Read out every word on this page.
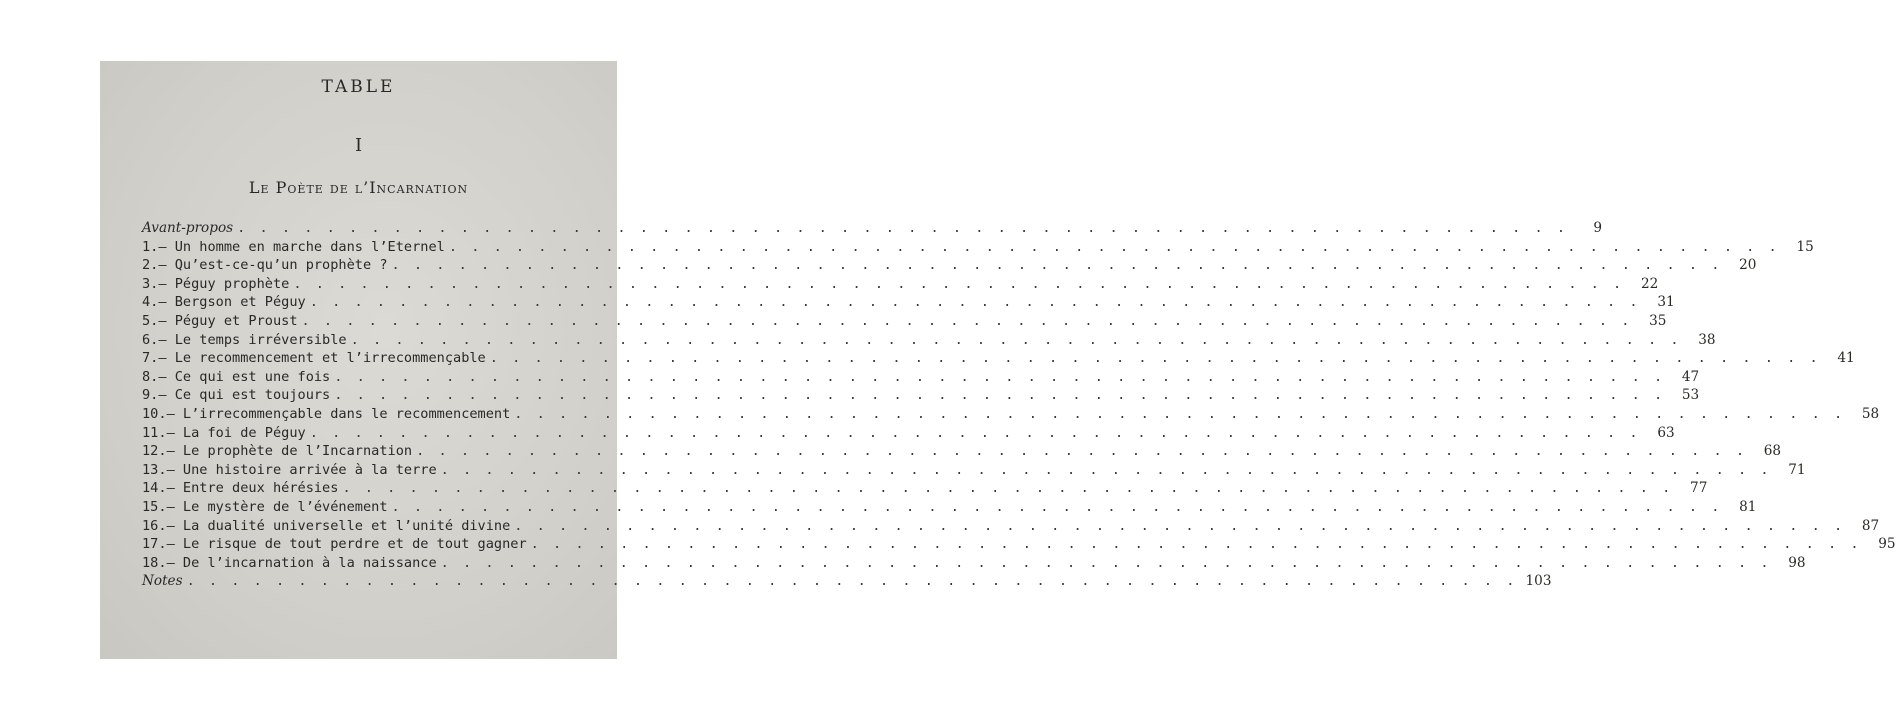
TABLE
I
Le Poète de l’Incarnation
Avant-propos . . . . . . . . . . . . . . . . . . . . . . . . . . . . . . . . . . . . . . . . . . . . . . . . . . . . . . . . . . . .	9
1. — Un homme en marche dans l’Eternel . . . . . . . . . . . . . . . . . . . . . . . . . . . . . . . . . . . . . . . . . . . . . . . . . . . . . . . . . . . .	15
2. — Qu’est-ce-qu’un prophète ? . . . . . . . . . . . . . . . . . . . . . . . . . . . . . . . . . . . . . . . . . . . . . . . . . . . . . . . . . . . .	20
3. — Péguy prophète . . . . . . . . . . . . . . . . . . . . . . . . . . . . . . . . . . . . . . . . . . . . . . . . . . . . . . . . . . . .	22
4. — Bergson et Péguy . . . . . . . . . . . . . . . . . . . . . . . . . . . . . . . . . . . . . . . . . . . . . . . . . . . . . . . . . . . .	31
5. — Péguy et Proust . . . . . . . . . . . . . . . . . . . . . . . . . . . . . . . . . . . . . . . . . . . . . . . . . . . . . . . . . . . .	35
6. — Le temps irréversible . . . . . . . . . . . . . . . . . . . . . . . . . . . . . . . . . . . . . . . . . . . . . . . . . . . . . . . . . . . .	38
7. — Le recommencement et l’irrecommençable . . . . . . . . . . . . . . . . . . . . . . . . . . . . . . . . . . . . . . . . . . . . . . . . . . . . . . . . . . . .	41
8. — Ce qui est une fois . . . . . . . . . . . . . . . . . . . . . . . . . . . . . . . . . . . . . . . . . . . . . . . . . . . . . . . . . . . .	47
9. — Ce qui est toujours . . . . . . . . . . . . . . . . . . . . . . . . . . . . . . . . . . . . . . . . . . . . . . . . . . . . . . . . . . . .	53
10. — L’irrecommençable dans le recommencement . . . . . . . . . . . . . . . . . . . . . . . . . . . . . . . . . . . . . . . . . . . . . . . . . . . . . . . . . . . .	58
11. — La foi de Péguy . . . . . . . . . . . . . . . . . . . . . . . . . . . . . . . . . . . . . . . . . . . . . . . . . . . . . . . . . . . .	63
12. — Le prophète de l’Incarnation . . . . . . . . . . . . . . . . . . . . . . . . . . . . . . . . . . . . . . . . . . . . . . . . . . . . . . . . . . . .	68
13. — Une histoire arrivée à la terre . . . . . . . . . . . . . . . . . . . . . . . . . . . . . . . . . . . . . . . . . . . . . . . . . . . . . . . . . . . .	71
14. — Entre deux hérésies . . . . . . . . . . . . . . . . . . . . . . . . . . . . . . . . . . . . . . . . . . . . . . . . . . . . . . . . . . . .	77
15. — Le mystère de l’événement . . . . . . . . . . . . . . . . . . . . . . . . . . . . . . . . . . . . . . . . . . . . . . . . . . . . . . . . . . . .	81
16. — La dualité universelle et l’unité divine . . . . . . . . . . . . . . . . . . . . . . . . . . . . . . . . . . . . . . . . . . . . . . . . . . . . . . . . . . . .	87
17. — Le risque de tout perdre et de tout gagner . . . . . . . . . . . . . . . . . . . . . . . . . . . . . . . . . . . . . . . . . . . . . . . . . . . . . . . . . . . .	95
18. — De l’incarnation à la naissance . . . . . . . . . . . . . . . . . . . . . . . . . . . . . . . . . . . . . . . . . . . . . . . . . . . . . . . . . . . .	98
Notes . . . . . . . . . . . . . . . . . . . . . . . . . . . . . . . . . . . . . . . . . . . . . . . . . . . . . . . . . . . . 103
